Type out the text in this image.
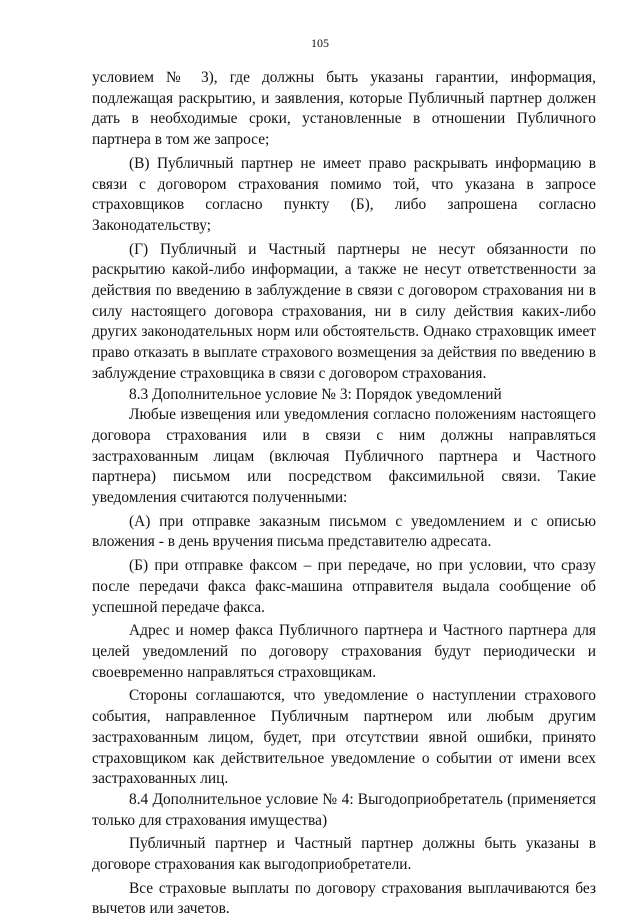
105

условием № 3), где должны быть указаны гарантии, информация, подлежащая раскрытию, и заявления, которые Публичный партнер должен дать в необходимые сроки, установленные в отношении Публичного партнера в том же запросе;

(В) Публичный партнер не имеет право раскрывать информацию в связи с договором страхования помимо той, что указана в запросе страховщиков согласно пункту (Б), либо запрошена согласно Законодательству;

(Г) Публичный и Частный партнеры не несут обязанности по раскрытию какой-либо информации, а также не несут ответственности за действия по введению в заблуждение в связи с договором страхования ни в силу настоящего договора страхования, ни в силу действия каких-либо других законодательных норм или обстоятельств. Однако страховщик имеет право отказать в выплате страхового возмещения за действия по введению в заблуждение страховщика в связи с договором страхования.

8.3 Дополнительное условие № 3: Порядок уведомлений

Любые извещения или уведомления согласно положениям настоящего договора страхования или в связи с ним должны направляться застрахованным лицам (включая Публичного партнера и Частного партнера) письмом или посредством факсимильной связи. Такие уведомления считаются полученными:

(А) при отправке заказным письмом с уведомлением и с описью вложения - в день вручения письма представителю адресата.

(Б) при отправке факсом – при передаче, но при условии, что сразу после передачи факса факс-машина отправителя выдала сообщение об успешной передаче факса.

Адрес и номер факса Публичного партнера и Частного партнера для целей уведомлений по договору страхования будут периодически и своевременно направляться страховщикам.

Стороны соглашаются, что уведомление о наступлении страхового события, направленное Публичным партнером или любым другим застрахованным лицом, будет, при отсутствии явной ошибки, принято страховщиком как действительное уведомление о событии от имени всех застрахованных лиц.

8.4 Дополнительное условие № 4: Выгодоприобретатель (применяется только для страхования имущества)

Публичный партнер и Частный партнер должны быть указаны в договоре страхования как выгодоприобретатели.

Все страховые выплаты по договору страхования выплачиваются без вычетов или зачетов.
